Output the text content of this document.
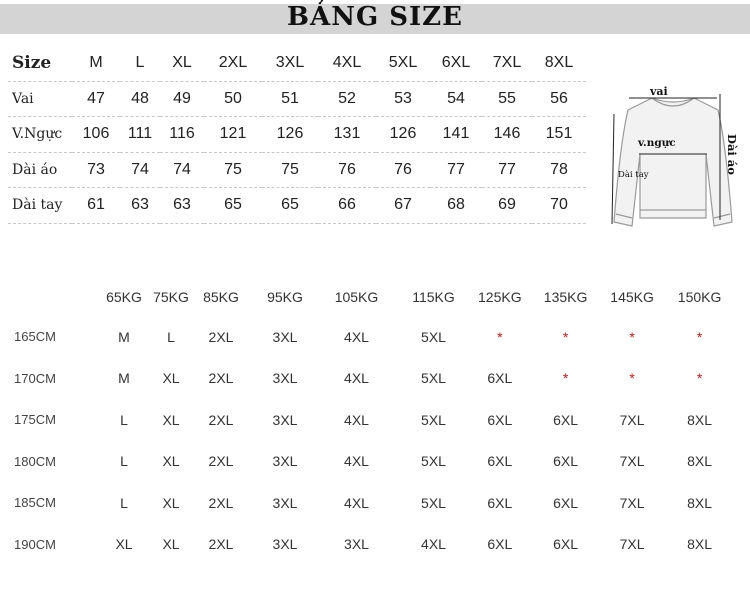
BẢNG SIZE
Size	M	L	XL	2XL	3XL	4XL	5XL	6XL	7XL	8XL
Vai	47	48	49	50	51	52	53	54	55	56
V.Ngực	106	111	116	121	126	131	126	141	146	151
Dài áo	73	74	74	75	75	76	76	77	77	78
Dài tay	61	63	63	65	65	66	67	68	69	70
vai
v.ngực
Dài tay
Dài áo
	65KG	75KG	85KG	95KG	105KG	115KG	125KG	135KG	145KG	150KG
165CM	M	L	2XL	3XL	4XL	5XL	*	*	*	*
170CM	M	XL	2XL	3XL	4XL	5XL	6XL	*	*	*
175CM	L	XL	2XL	3XL	4XL	5XL	6XL	6XL	7XL	8XL
180CM	L	XL	2XL	3XL	4XL	5XL	6XL	6XL	7XL	8XL
185CM	L	XL	2XL	3XL	4XL	5XL	6XL	6XL	7XL	8XL
190CM	XL	XL	2XL	3XL	3XL	4XL	6XL	6XL	7XL	8XL
